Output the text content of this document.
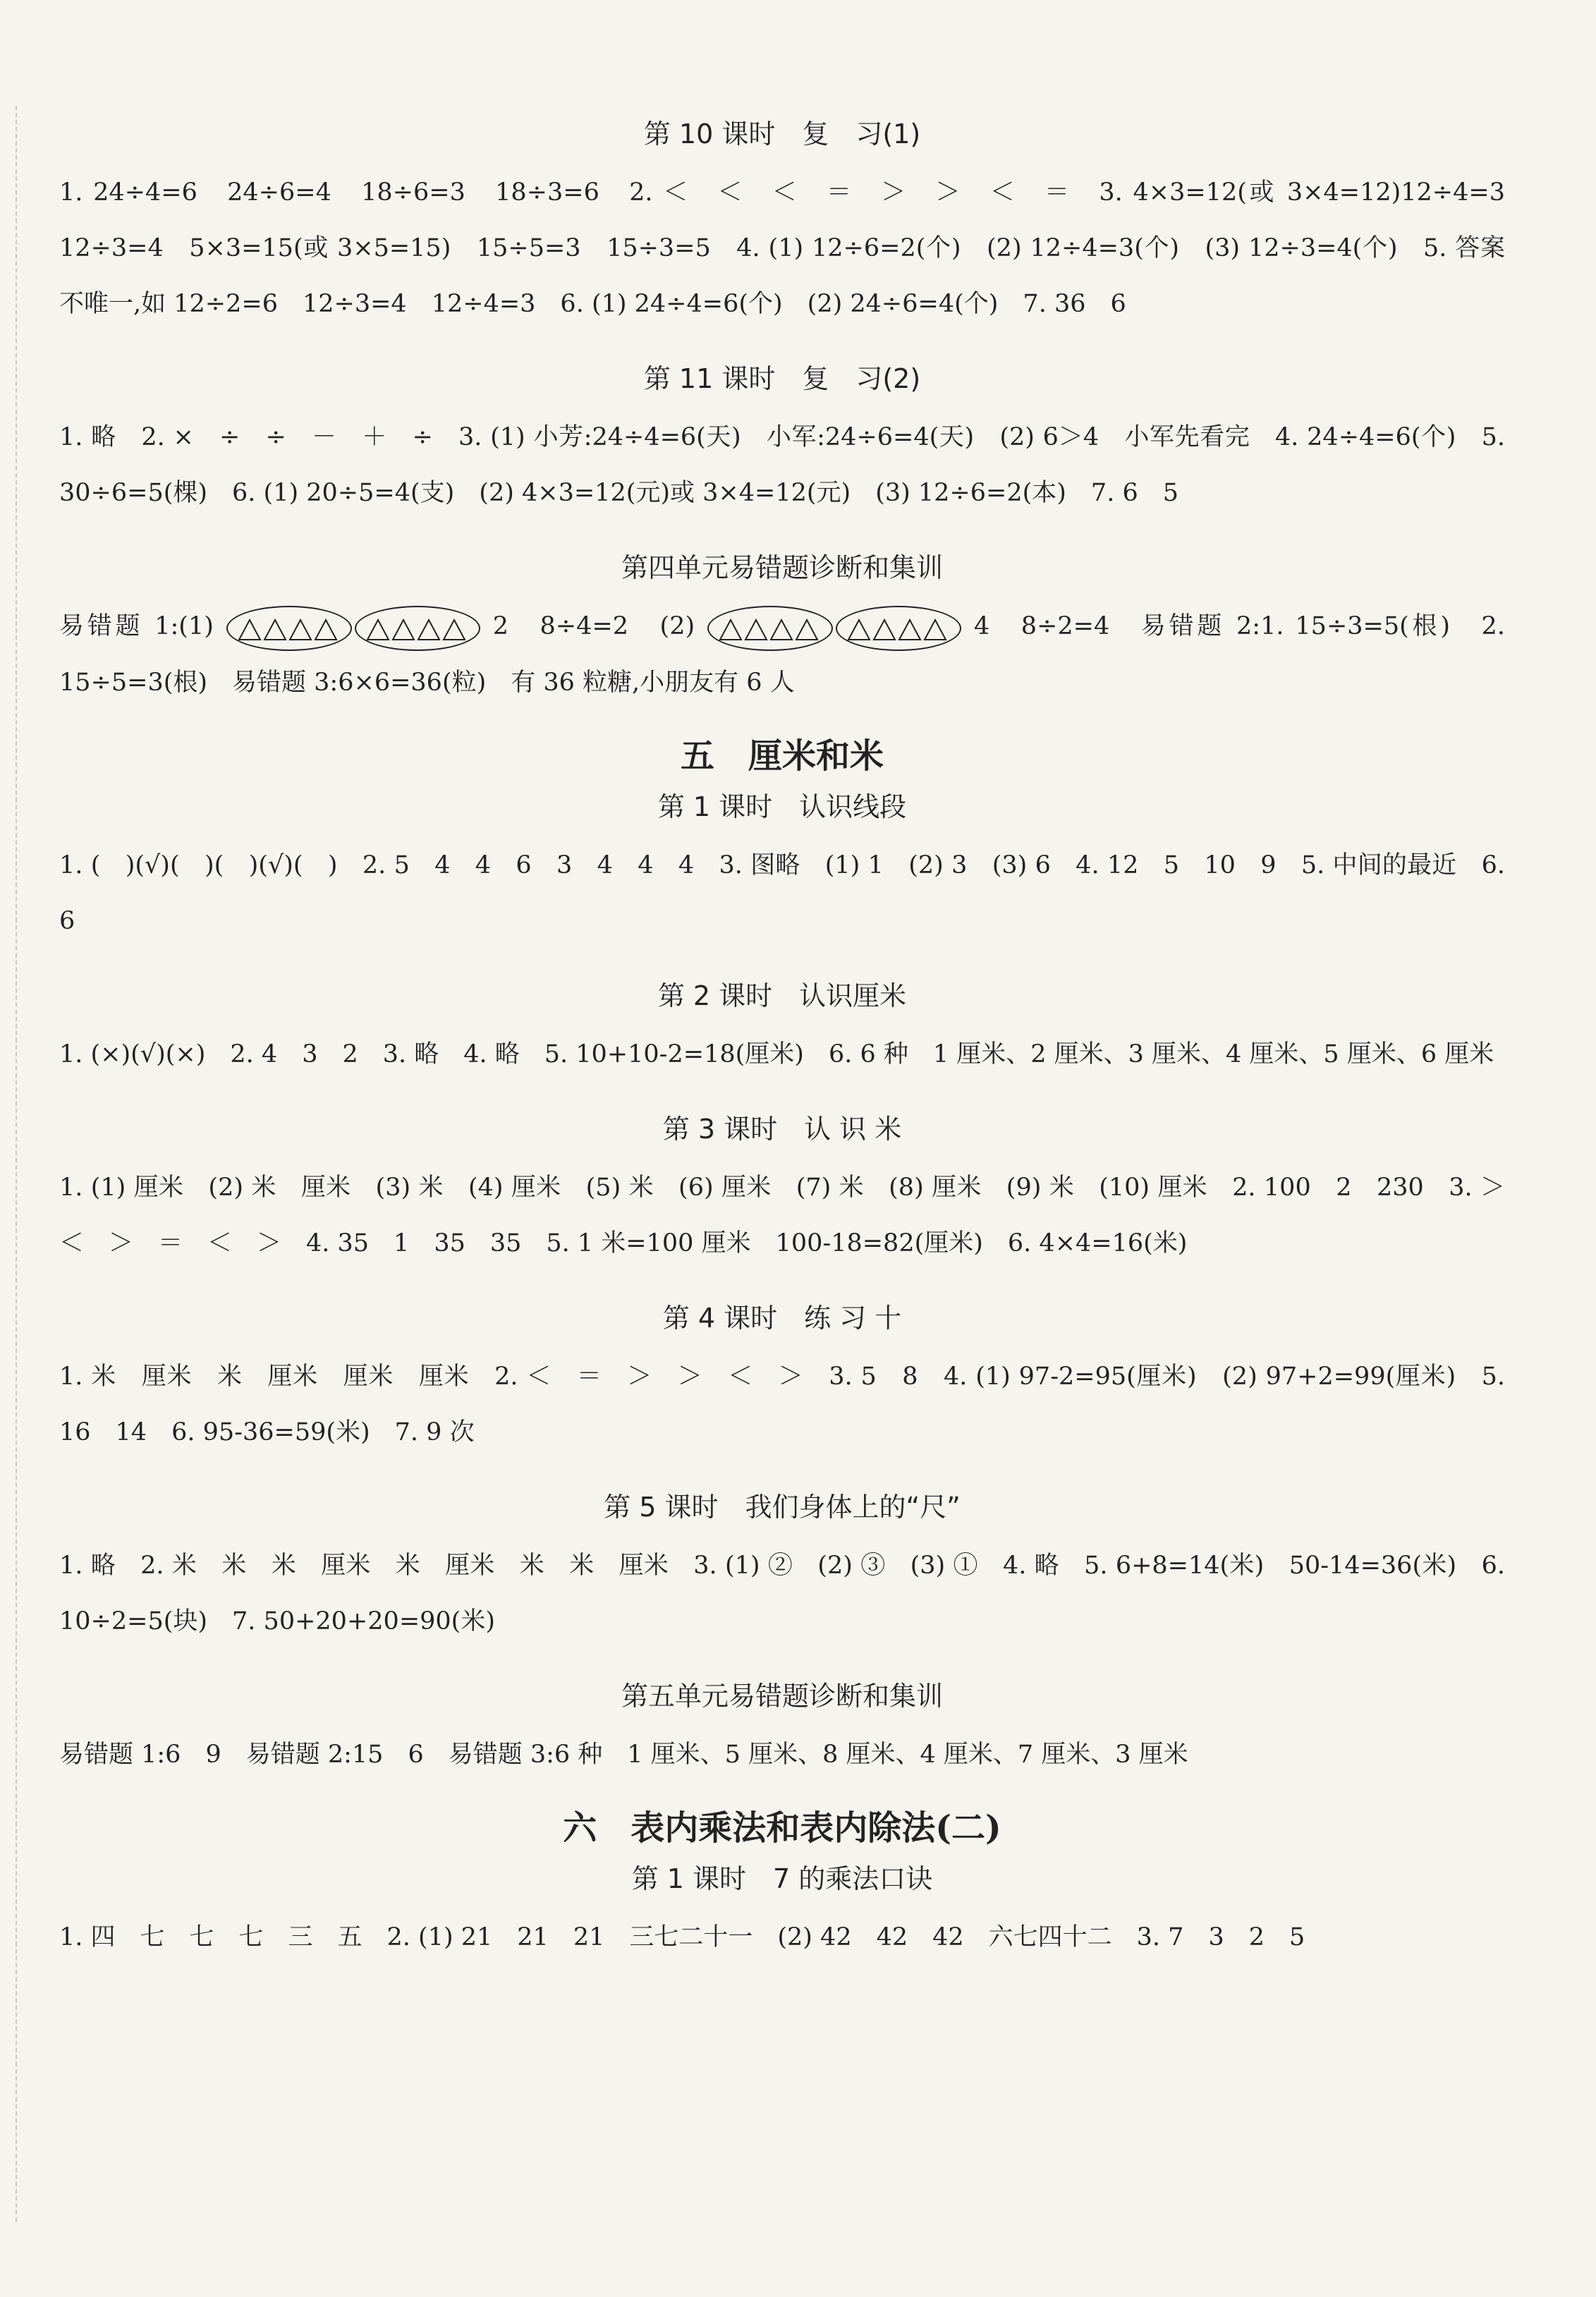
第 10 课时　复　习(1)

1. 24÷4=6　24÷6=4　18÷6=3　18÷3=6　2. ＜　＜　＜　＝　＞　＞　＜　＝　3. 4×3=12(或 3×4=12)12÷4=3　12÷3=4　5×3=15(或 3×5=15)　15÷5=3　15÷3=5　4. (1) 12÷6=2(个)　(2) 12÷4=3(个)　(3) 12÷3=4(个)　5. 答案不唯一,如 12÷2=6　12÷3=4　12÷4=3　6. (1) 24÷4=6(个)　(2) 24÷6=4(个)　7. 36　6

第 11 课时　复　习(2)

1. 略　2. ×　÷　÷　－　＋　÷　3. (1) 小芳:24÷4=6(天)　小军:24÷6=4(天)　(2) 6＞4　小军先看完　4. 24÷4=6(个)　5. 30÷6=5(棵)　6. (1) 20÷5=4(支)　(2) 4×3=12(元)或 3×4=12(元)　(3) 12÷6=2(本)　7. 6　5

第四单元易错题诊断和集训

易错题 1:(1)	2　8÷4=2　(2)	4　8÷2=4　易错题 2:1. 15÷3=5(根)　2. 15÷5=3(根)　易错题 3:6×6=36(粒)　有 36 粒糖,小朋友有 6 人

五　厘米和米

第 1 课时　认识线段

1. (　)(√)(　)(　)(√)(　)　2. 5　4　4　6　3　4　4　4　3. 图略　(1) 1　(2) 3　(3) 6　4. 12　5　10　9　5. 中间的最近　6. 6

第 2 课时　认识厘米

1. (×)(√)(×)　2. 4　3　2　3. 略　4. 略　5. 10+10-2=18(厘米)　6. 6 种　1 厘米、2 厘米、3 厘米、4 厘米、5 厘米、6 厘米

第 3 课时　认 识 米

1. (1) 厘米　(2) 米　厘米　(3) 米　(4) 厘米　(5) 米　(6) 厘米　(7) 米　(8) 厘米　(9) 米　(10) 厘米　2. 100　2　230　3. ＞　＜　＞　＝　＜　＞　4. 35　1　35　35　5. 1 米=100 厘米　100-18=82(厘米)　6. 4×4=16(米)

第 4 课时　练 习 十

1. 米　厘米　米　厘米　厘米　厘米　2. ＜　＝　＞　＞　＜　＞　3. 5　8　4. (1) 97-2=95(厘米)　(2) 97+2=99(厘米)　5. 16　14　6. 95-36=59(米)　7. 9 次

第 5 课时　我们身体上的“尺”

1. 略　2. 米　米　米　厘米　米　厘米　米　米　厘米　3. (1) ②　(2) ③　(3) ①　4. 略　5. 6+8=14(米)　50-14=36(米)　6. 10÷2=5(块)　7. 50+20+20=90(米)

第五单元易错题诊断和集训

易错题 1:6　9　易错题 2:15　6　易错题 3:6 种　1 厘米、5 厘米、8 厘米、4 厘米、7 厘米、3 厘米

六　表内乘法和表内除法(二)

第 1 课时　7 的乘法口诀

1. 四　七　七　七　三　五　2. (1) 21　21　21　三七二十一　(2) 42　42　42　六七四十二　3. 7　3　2　5
